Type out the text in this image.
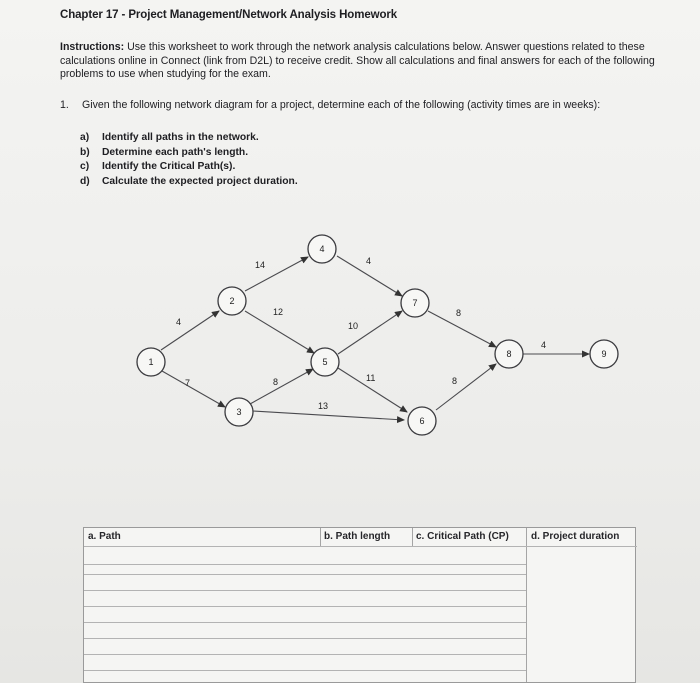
Chapter 17 - Project Management/Network Analysis Homework
Instructions: Use this worksheet to work through the network analysis calculations below. Answer questions related to these calculations online in Connect (link from D2L) to receive credit. Show all calculations and final answers for each of the following problems to use when studying for the exam.
1. Given the following network diagram for a project, determine each of the following (activity times are in weeks):
a)	Identify all paths in the network.
b)	Determine each path's length.
c)	Identify the Critical Path(s).
d)	Calculate the expected project duration.
4
7
14
12
8
13
4
10
11
8
8
4
1
2
3
4
5
6
7
8	9
a. Path	b. Path length	c. Critical Path (CP)	d. Project duration
